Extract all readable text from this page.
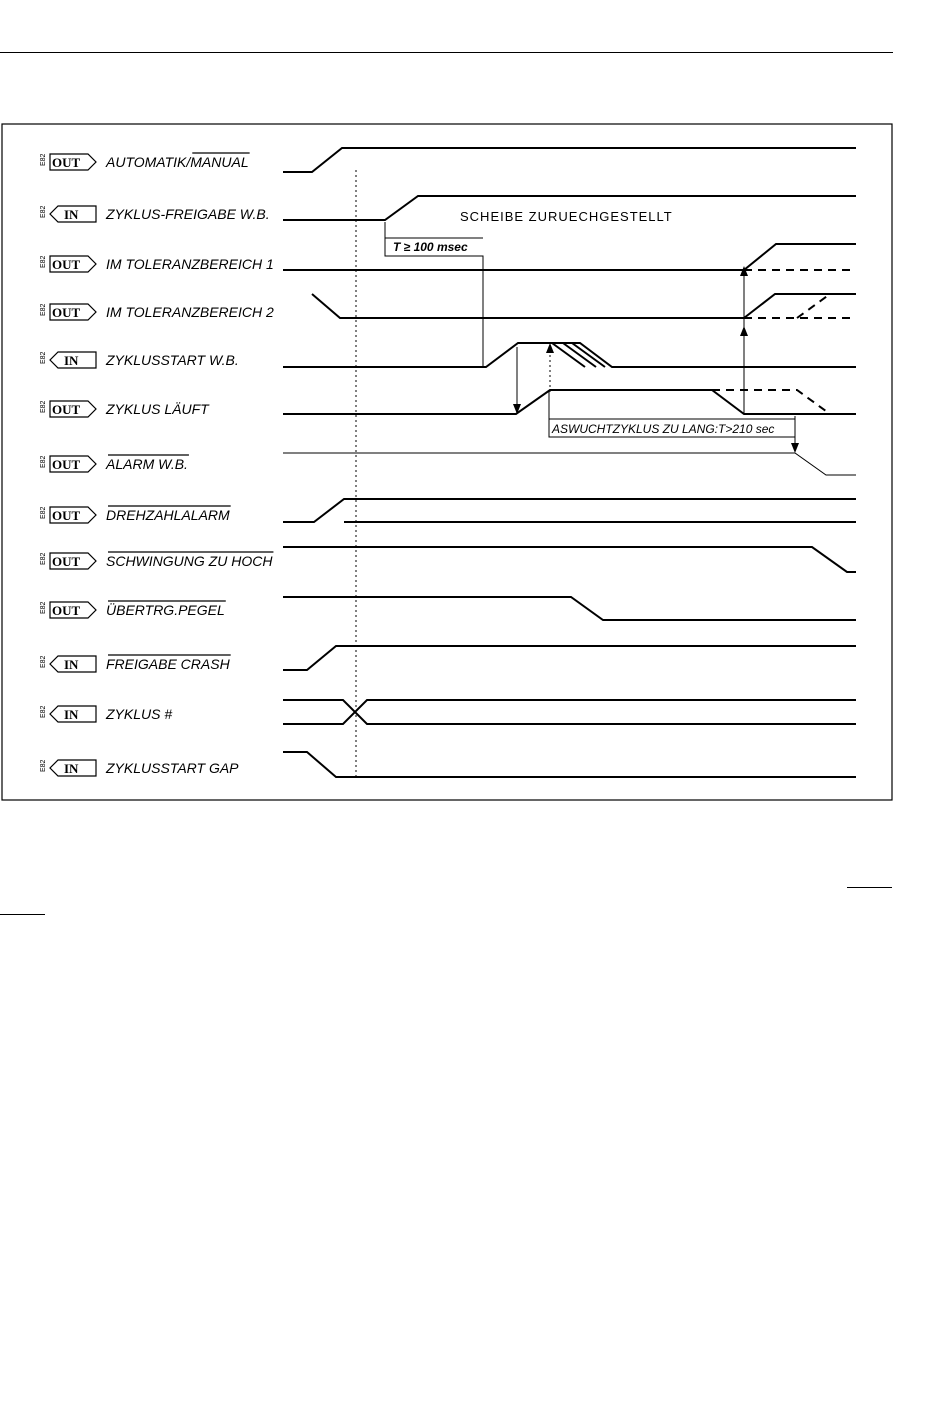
E82 OUT AUTOMATIK/MANUAL
E82 IN ZYKLUS-FREIGABE W.B.
E82 OUT IM TOLERANZBEREICH 1
E82 OUT IM TOLERANZBEREICH 2
E82 IN ZYKLUSSTART W.B.
E82 OUT ZYKLUS LÄUFT
E82 OUT ALARM W.B.
E82 OUT DREHZAHLALARM
E82 OUT SCHWINGUNG ZU HOCH
E82 OUT ÜBERTRG.PEGEL
E82 IN FREIGABE CRASH
E82 IN ZYKLUS #
E82 IN ZYKLUSSTART GAP
SCHEIBE ZURUECHGESTELLT
T ≥ 100 msec
ASWUCHTZYKLUS ZU LANG:T>210 sec
